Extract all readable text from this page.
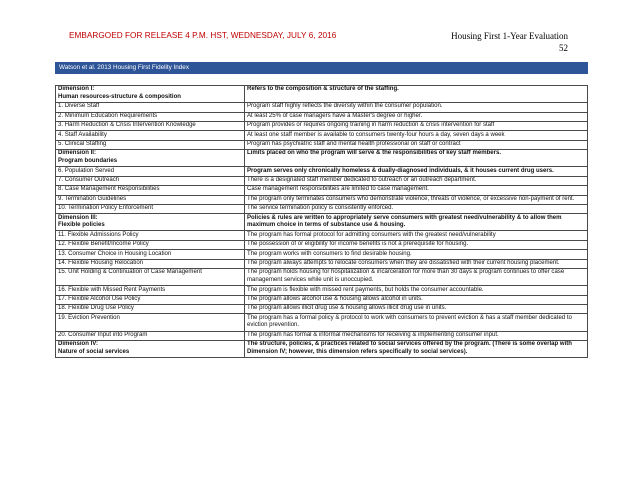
EMBARGOED FOR RELEASE 4 P.M. HST, WEDNESDAY, JULY 6, 2016	Housing First 1-Year Evaluation
52
Watson et al. 2013 Housing First Fidelity Index
Dimension I:
Human resources-structure & composition	Refers to the composition & structure of the staffing.

1. Diverse Staff	Program staff highly reflects the diversity within the consumer population.

2. Minimum Education Requirements	At least 25% of case managers have a Master's degree or higher.

3. Harm Reduction & Crisis Intervention Knowledge	Program provides or requires ongoing training in harm reduction & crisis intervention for staff

4. Staff Availability	At least one staff member is available to consumers twenty-four hours a day, seven days a week

5. Clinical Staffing	Program has psychiatric staff and mental health professional on staff or contract

Dimension II:
Program boundaries	Limits placed on who the program will serve & the responsibilities of key staff members.

6. Population Served	Program serves only chronically homeless & dually-diagnosed individuals, & it houses current drug users.

7. Consumer Outreach	There is a designated staff member dedicated to outreach or an outreach department.

8. Case Management Responsibilities	Case management responsibilities are limited to case management.

9. Termination Guidelines	The program only terminates consumers who demonstrate violence, threats of violence, or excessive non-payment of rent.

10. Termination Policy Enforcement	The service termination policy is consistently enforced.

Dimension III:
Flexible policies	Policies & rules are written to appropriately serve consumers with greatest need/vulnerability & to allow them maximum choice in terms of substance use & housing.

11. Flexible Admissions Policy	The program has formal protocol for admitting consumers with the greatest need/vulnerability

12. Flexible Benefit/Income Policy	The possession of or eligibility for income benefits is not a prerequisite for housing.

13. Consumer Choice in Housing Location	The program works with consumers to find desirable housing.

14. Flexible Housing Relocation	The program always attempts to relocate consumers when they are dissatisfied with their current housing placement.

15. Unit Holding & Continuation of Case Management	The program holds housing for hospitalization & incarceration for more than 30 days & program continues to offer case management services while unit is unoccupied.

16. Flexible with Missed Rent Payments	The program is flexible with missed rent payments, but holds the consumer accountable.

17. Flexible Alcohol Use Policy	The program allows alcohol use & housing allows alcohol in units.

18. Flexible Drug Use Policy	The program allows illicit drug use & housing allows illicit drug use in units.

19. Eviction Prevention	The program has a formal policy & protocol to work with consumers to prevent eviction & has a staff member dedicated to eviction prevention.

20. Consumer Input into Program	The program has formal & informal mechanisms for receiving & implementing consumer input.

Dimension IV:
Nature of social services	The structure, policies, & practices related to social services offered by the program. (There is some overlap with Dimension IV; however, this dimension refers specifically to social services).
